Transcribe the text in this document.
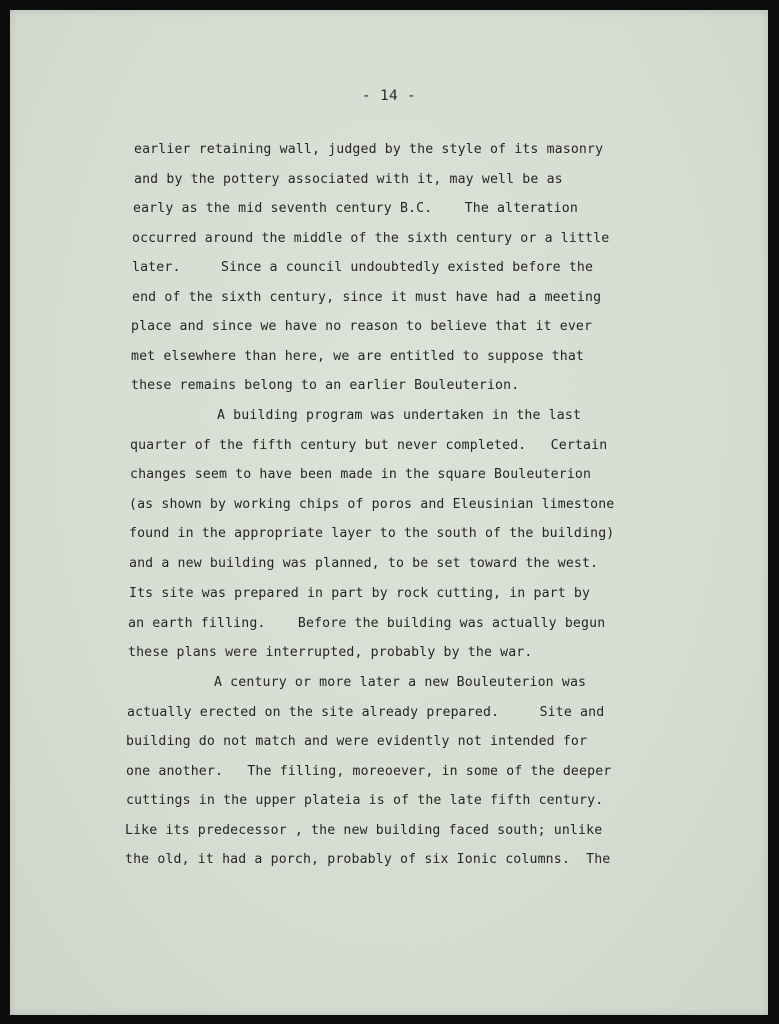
- 14 -
earlier retaining wall, judged by the style of its masonry
and by the pottery associated with it, may well be as
early as the mid seventh century B.C.    The alteration
occurred around the middle of the sixth century or a little
later.     Since a council undoubtedly existed before the
end of the sixth century, since it must have had a meeting
place and since we have no reason to believe that it ever
met elsewhere than here, we are entitled to suppose that
these remains belong to an earlier Bouleuterion.
A building program was undertaken in the last
quarter of the fifth century but never completed.   Certain
changes seem to have been made in the square Bouleuterion
(as shown by working chips of poros and Eleusinian limestone
found in the appropriate layer to the south of the building)
and a new building was planned, to be set toward the west.
Its site was prepared in part by rock cutting, in part by
an earth filling.    Before the building was actually begun
these plans were interrupted, probably by the war.
A century or more later a new Bouleuterion was
actually erected on the site already prepared.     Site and
building do not match and were evidently not intended for
one another.   The filling, moreoever, in some of the deeper
cuttings in the upper plateia is of the late fifth century.
Like its predecessor , the new building faced south; unlike
the old, it had a porch, probably of six Ionic columns.  The
